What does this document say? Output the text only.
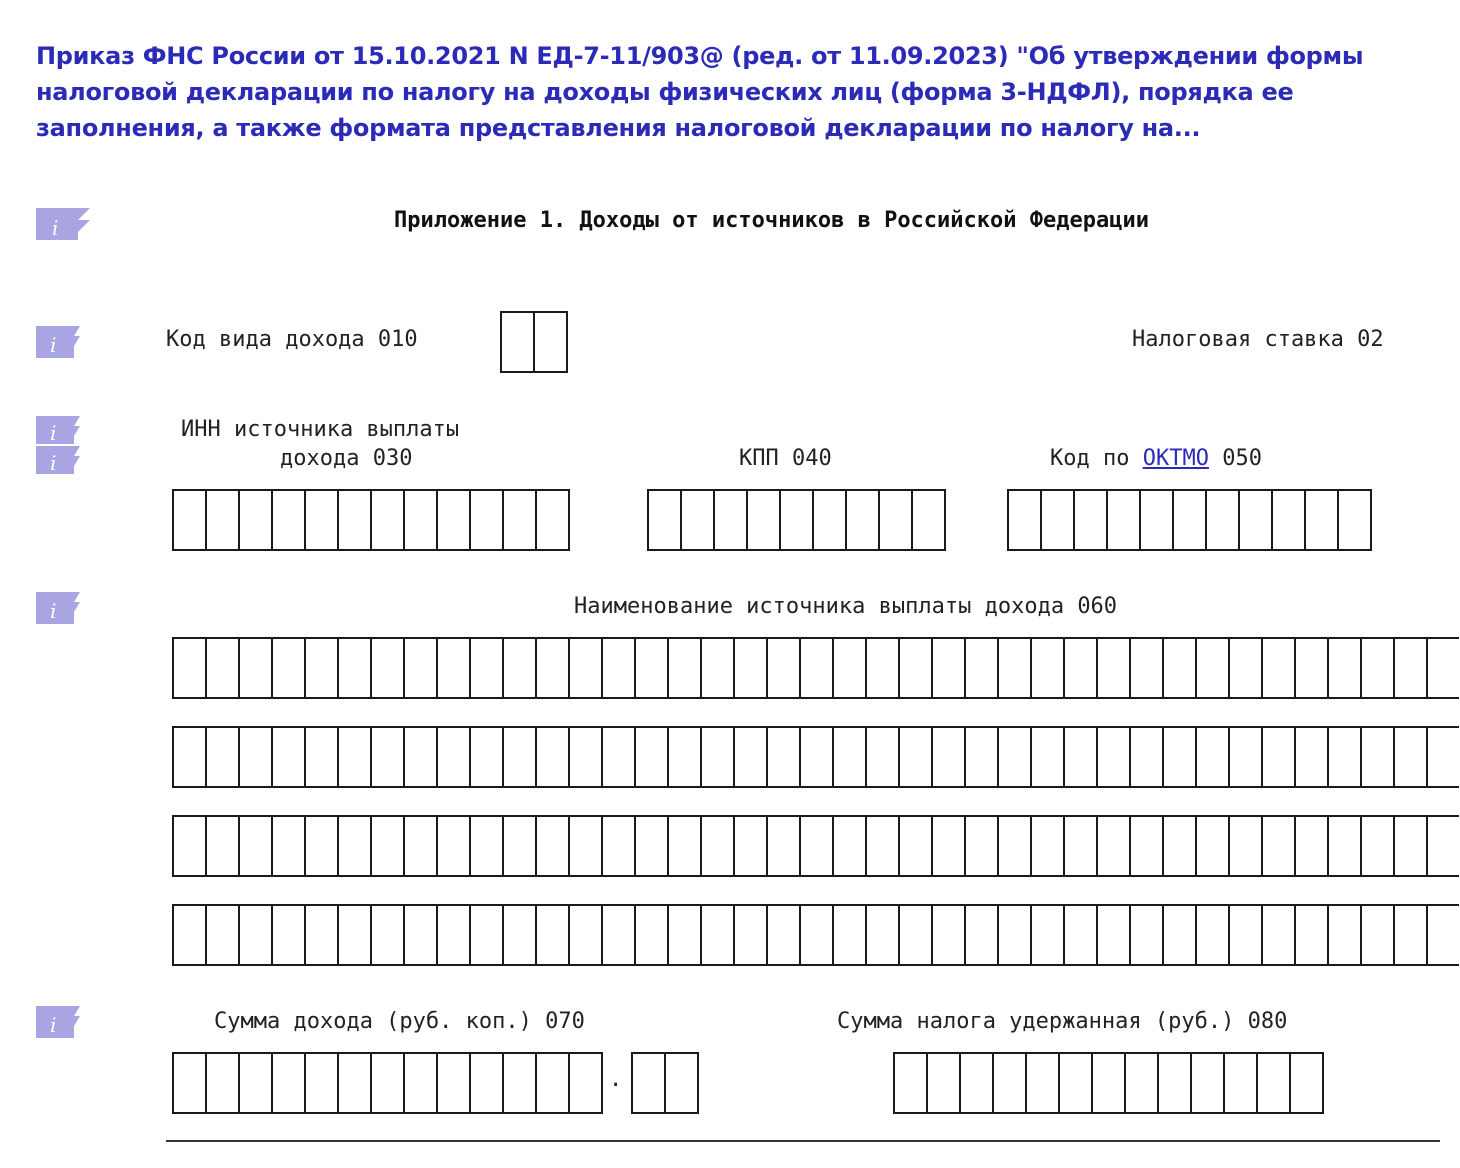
Приказ ФНС России от 15.10.2021 N ЕД-7-11/903@ (ред. от 11.09.2023) "Об утверждении формы налоговой декларации по налогу на доходы физических лиц (форма 3-НДФЛ), порядка ее заполнения, а также формата представления налоговой декларации по налогу на...
i
i
i
i
i
i
Приложение 1. Доходы от источников в Российской Федерации
Код вида дохода 010	Налоговая ставка 02
ИНН источника выплаты
дохода 030	КПП 040	Код по ОКТМО 050
Наименование источника выплаты дохода 060
Сумма дохода (руб. коп.) 070	Сумма налога удержанная (руб.) 080
.
